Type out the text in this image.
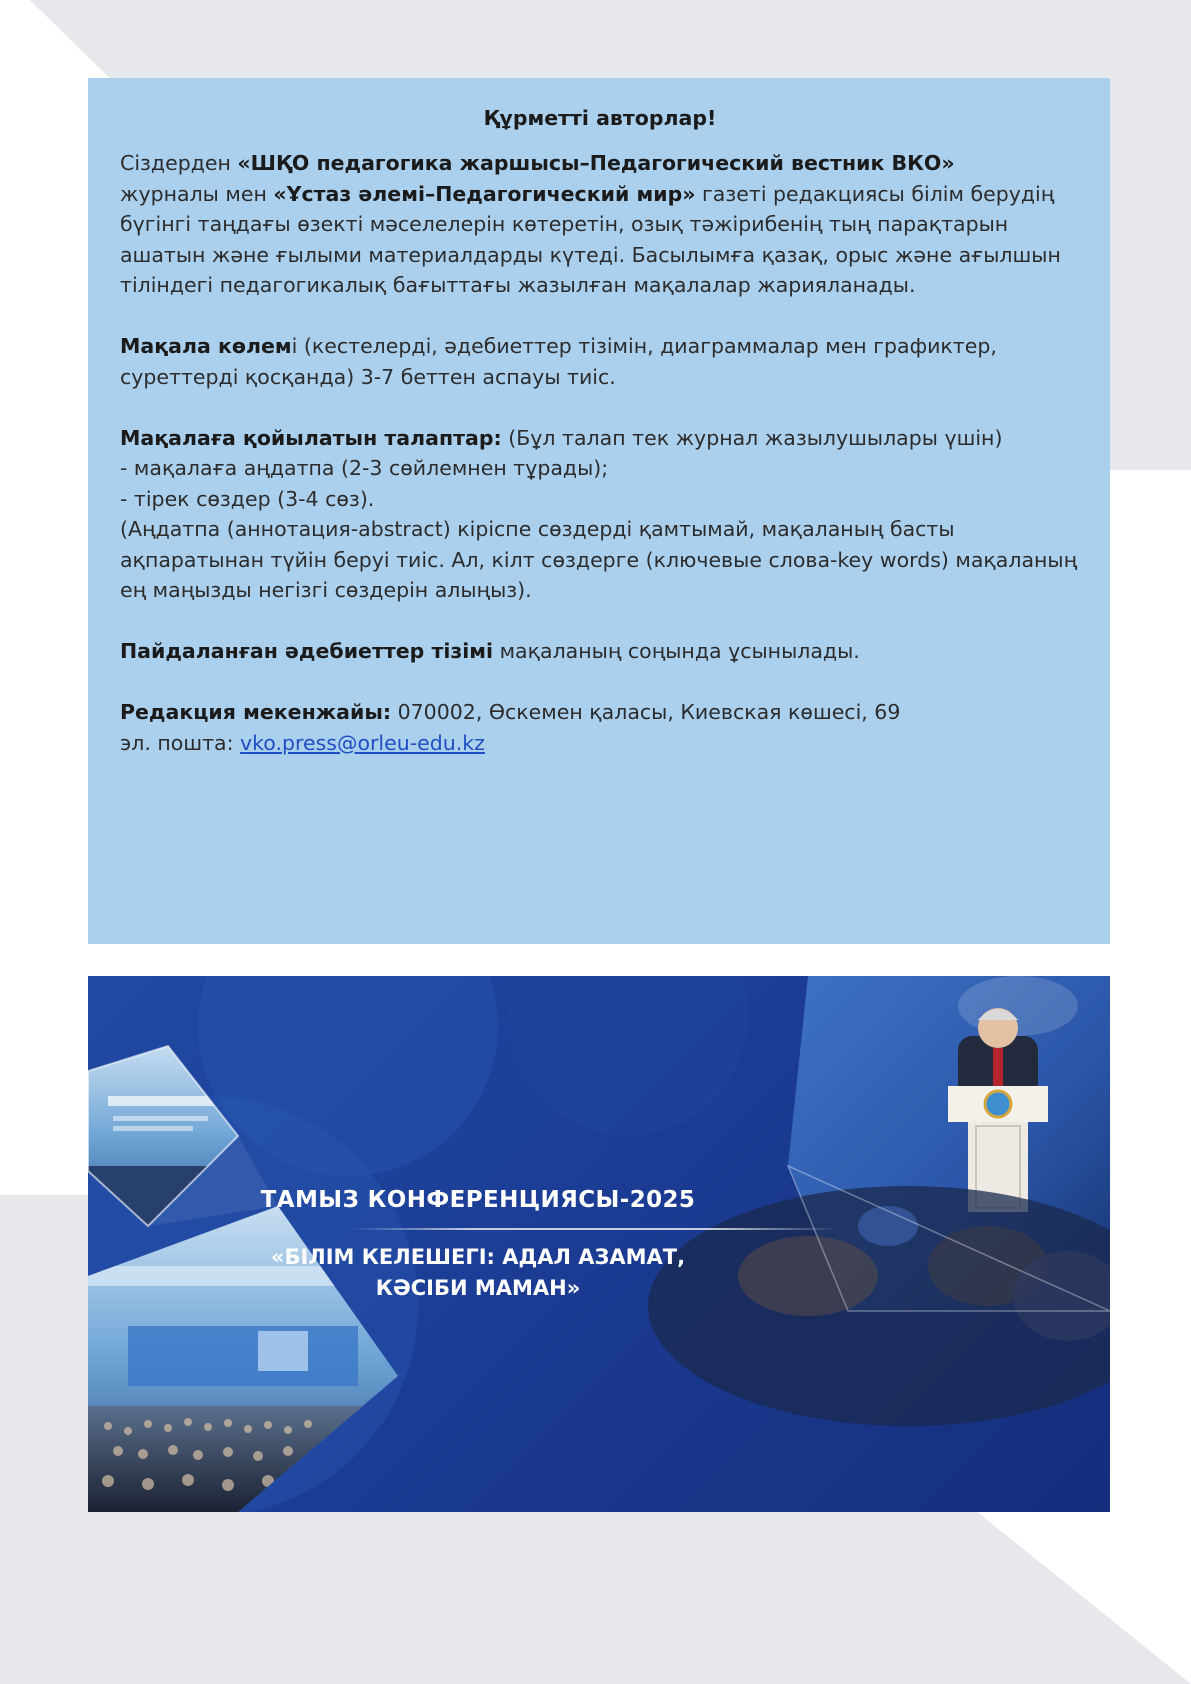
Құрметті авторлар!

Сіздерден «ШҚО педагогика жаршысы–Педагогический вестник ВКО»
журналы мен «Ұстаз әлемі–Педагогический мир» газеті редакциясы білім берудің бүгінгі таңдағы өзекті мәселелерін көтеретін, озық тәжірибенің тың парақтарын ашатын және ғылыми материалдарды күтеді. Басылымға қазақ, орыс және ағылшын тіліндегі педагогикалық бағыттағы жазылған мақалалар жарияланады.

Мақала көлемі (кестелерді, әдебиеттер тізімін, диаграммалар мен графиктер, суреттерді қосқанда) 3-7 беттен аспауы тиіс.

Мақалаға қойылатын талаптар: (Бұл талап тек журнал жазылушылары үшін)
- мақалаға аңдатпа (2-3 сөйлемнен тұрады);
- тірек сөздер (3-4 сөз).
(Аңдатпа (аннотация-abstract) кіріспе сөздерді қамтымай, мақаланың басты ақпаратынан түйін беруі тиіс. Ал, кілт сөздерге (ключевые слова-key words) мақаланың ең маңызды негізгі сөздерін алыңыз).

Пайдаланған әдебиеттер тізімі мақаланың соңында ұсынылады.

Редакция мекенжайы: 070002, Өскемен қаласы, Киевская көшесі, 69
эл. пошта: vko.press@orleu-edu.kz

ТАМЫЗ КОНФЕРЕНЦИЯСЫ-2025
«БІЛІМ КЕЛЕШЕГІ: АДАЛ АЗАМАТ,
КӘСІБИ МАМАН»
